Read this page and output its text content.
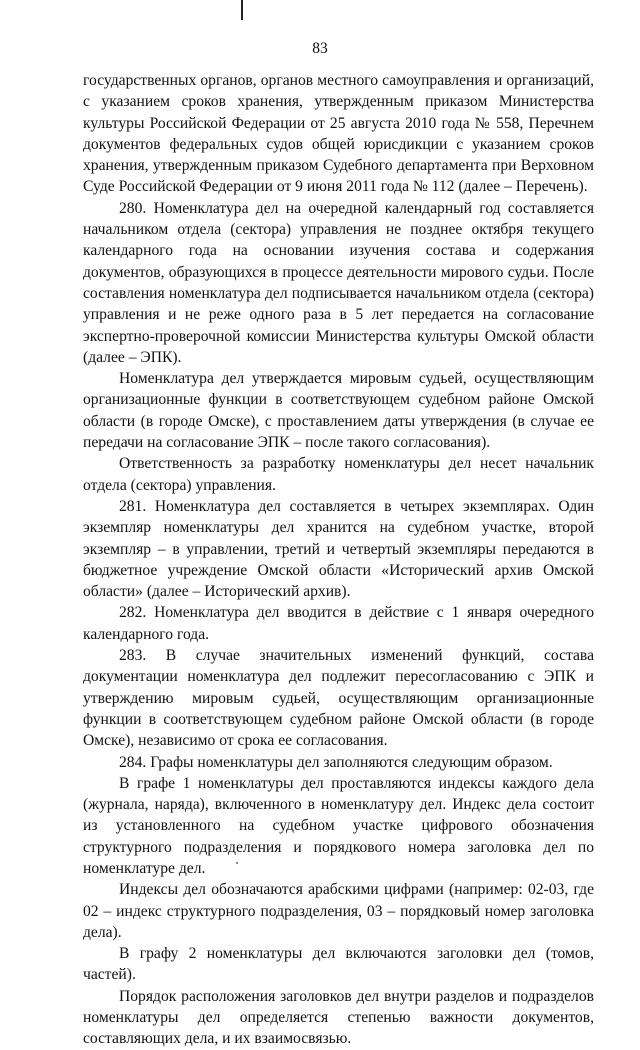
83

государственных органов, органов местного самоуправления и организаций, с указанием сроков хранения, утвержденным приказом Министерства культуры Российской Федерации от 25 августа 2010 года № 558, Перечнем документов федеральных судов общей юрисдикции с указанием сроков хранения, утвержденным приказом Судебного департамента при Верховном Суде Российской Федерации от 9 июня 2011 года № 112 (далее – Перечень).

280. Номенклатура дел на очередной календарный год составляется начальником отдела (сектора) управления не позднее октября текущего календарного года на основании изучения состава и содержания документов, образующихся в процессе деятельности мирового судьи. После составления номенклатура дел подписывается начальником отдела (сектора) управления и не реже одного раза в 5 лет передается на согласование экспертно-проверочной комиссии Министерства культуры Омской области (далее – ЭПК).

Номенклатура дел утверждается мировым судьей, осуществляющим организационные функции в соответствующем судебном районе Омской области (в городе Омске), с проставлением даты утверждения (в случае ее передачи на согласование ЭПК – после такого согласования).

Ответственность за разработку номенклатуры дел несет начальник отдела (сектора) управления.

281. Номенклатура дел составляется в четырех экземплярах. Один экземпляр номенклатуры дел хранится на судебном участке, второй экземпляр – в управлении, третий и четвертый экземпляры передаются в бюджетное учреждение Омской области «Исторический архив Омской области» (далее – Исторический архив).

282. Номенклатура дел вводится в действие с 1 января очередного календарного года.

283. В случае значительных изменений функций, состава документации номенклатура дел подлежит пересогласованию с ЭПК и утверждению мировым судьей, осуществляющим организационные функции в соответствующем судебном районе Омской области (в городе Омске), независимо от срока ее согласования.

284. Графы номенклатуры дел заполняются следующим образом.

В графе 1 номенклатуры дел проставляются индексы каждого дела (журнала, наряда), включенного в номенклатуру дел. Индекс дела состоит из установленного на судебном участке цифрового обозначения структурного подразделения и порядкового номера заголовка дел по номенклатуре дел.

Индексы дел обозначаются арабскими цифрами (например: 02-03, где 02 – индекс структурного подразделения, 03 – порядковый номер заголовка дела).

В графу 2 номенклатуры дел включаются заголовки дел (томов, частей).

Порядок расположения заголовков дел внутри разделов и подразделов номенклатуры дел определяется степенью важности документов, составляющих дела, и их взаимосвязью.
